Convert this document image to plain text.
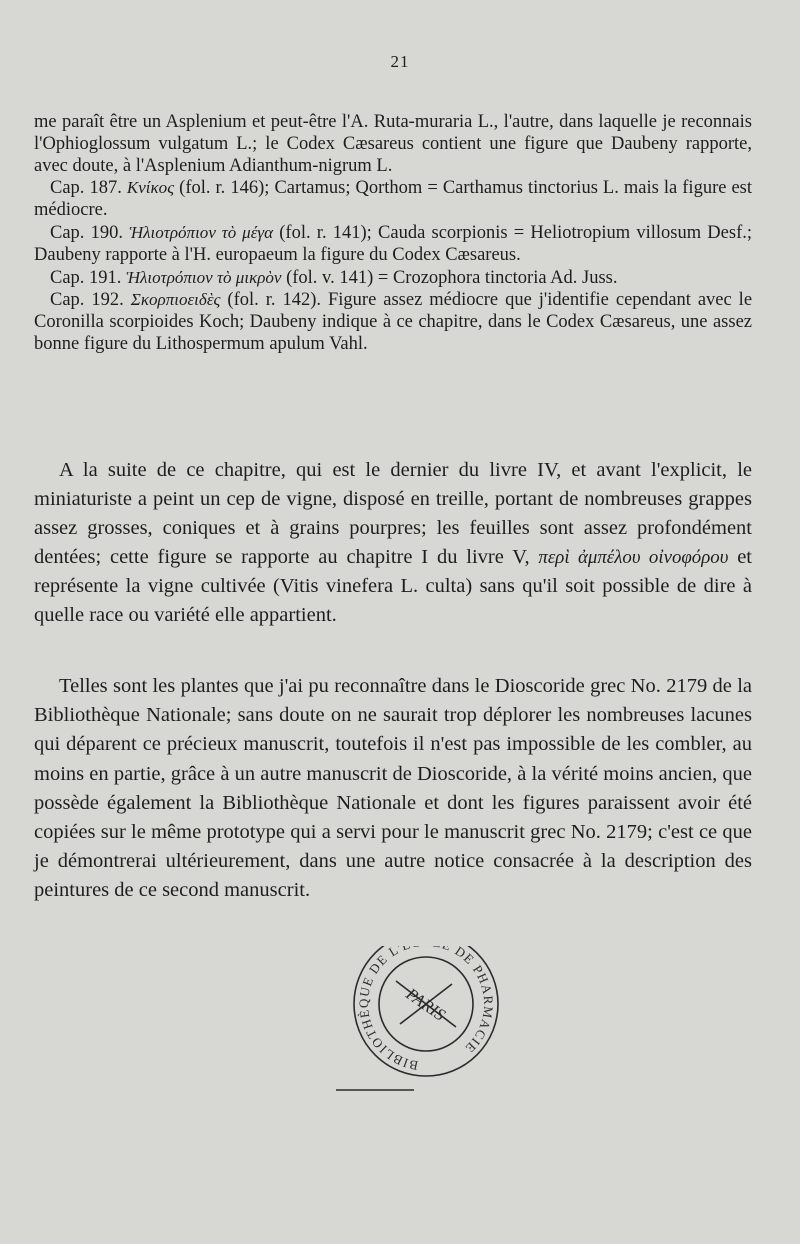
21

me paraît être un Asplenium et peut-être l'A. Ruta-muraria L., l'autre, dans laquelle je reconnais l'Ophioglossum vulgatum L.; le Codex Cæsareus contient une figure que Daubeny rapporte, avec doute, à l'Asplenium Adianthum-nigrum L.

Cap. 187. Κνίκος (fol. r. 146); Cartamus; Qorthom = Carthamus tinctorius L. mais la figure est médiocre.

Cap. 190. Ἡλιοτρόπιον τὸ μέγα (fol. r. 141); Cauda scorpionis = Heliotropium villosum Desf.; Daubeny rapporte à l'H. europaeum la figure du Codex Cæsareus.

Cap. 191. Ἡλιοτρόπιον τὸ μικρὸν (fol. v. 141) = Crozophora tinctoria Ad. Juss.

Cap. 192. Σκορπιοειδὲς (fol. r. 142). Figure assez médiocre que j'identifie cependant avec le Coronilla scorpioides Koch; Daubeny indique à ce chapitre, dans le Codex Cæsareus, une assez bonne figure du Lithospermum apulum Vahl.

A la suite de ce chapitre, qui est le dernier du livre IV, et avant l'explicit, le miniaturiste a peint un cep de vigne, disposé en treille, portant de nombreuses grappes assez grosses, coniques et à grains pourpres; les feuilles sont assez profondément dentées; cette figure se rapporte au chapitre I du livre V, περὶ ἀμπέλου οἰνοφόρου et représente la vigne cultivée (Vitis vinefera L. culta) sans qu'il soit possible de dire à quelle race ou variété elle appartient.

Telles sont les plantes que j'ai pu reconnaître dans le Dioscoride grec No. 2179 de la Bibliothèque Nationale; sans doute on ne saurait trop déplorer les nombreuses lacunes qui déparent ce précieux manuscrit, toutefois il n'est pas impossible de les combler, au moins en partie, grâce à un autre manuscrit de Dioscoride, à la vérité moins ancien, que possède également la Bibliothèque Nationale et dont les figures paraissent avoir été copiées sur le même prototype qui a servi pour le manuscrit grec No. 2179; c'est ce que je démontrerai ultérieurement, dans une autre notice consacrée à la description des peintures de ce second manuscrit.

BIBLIOTHÈQUE DE L' DE PHARMACIE
PARIS
